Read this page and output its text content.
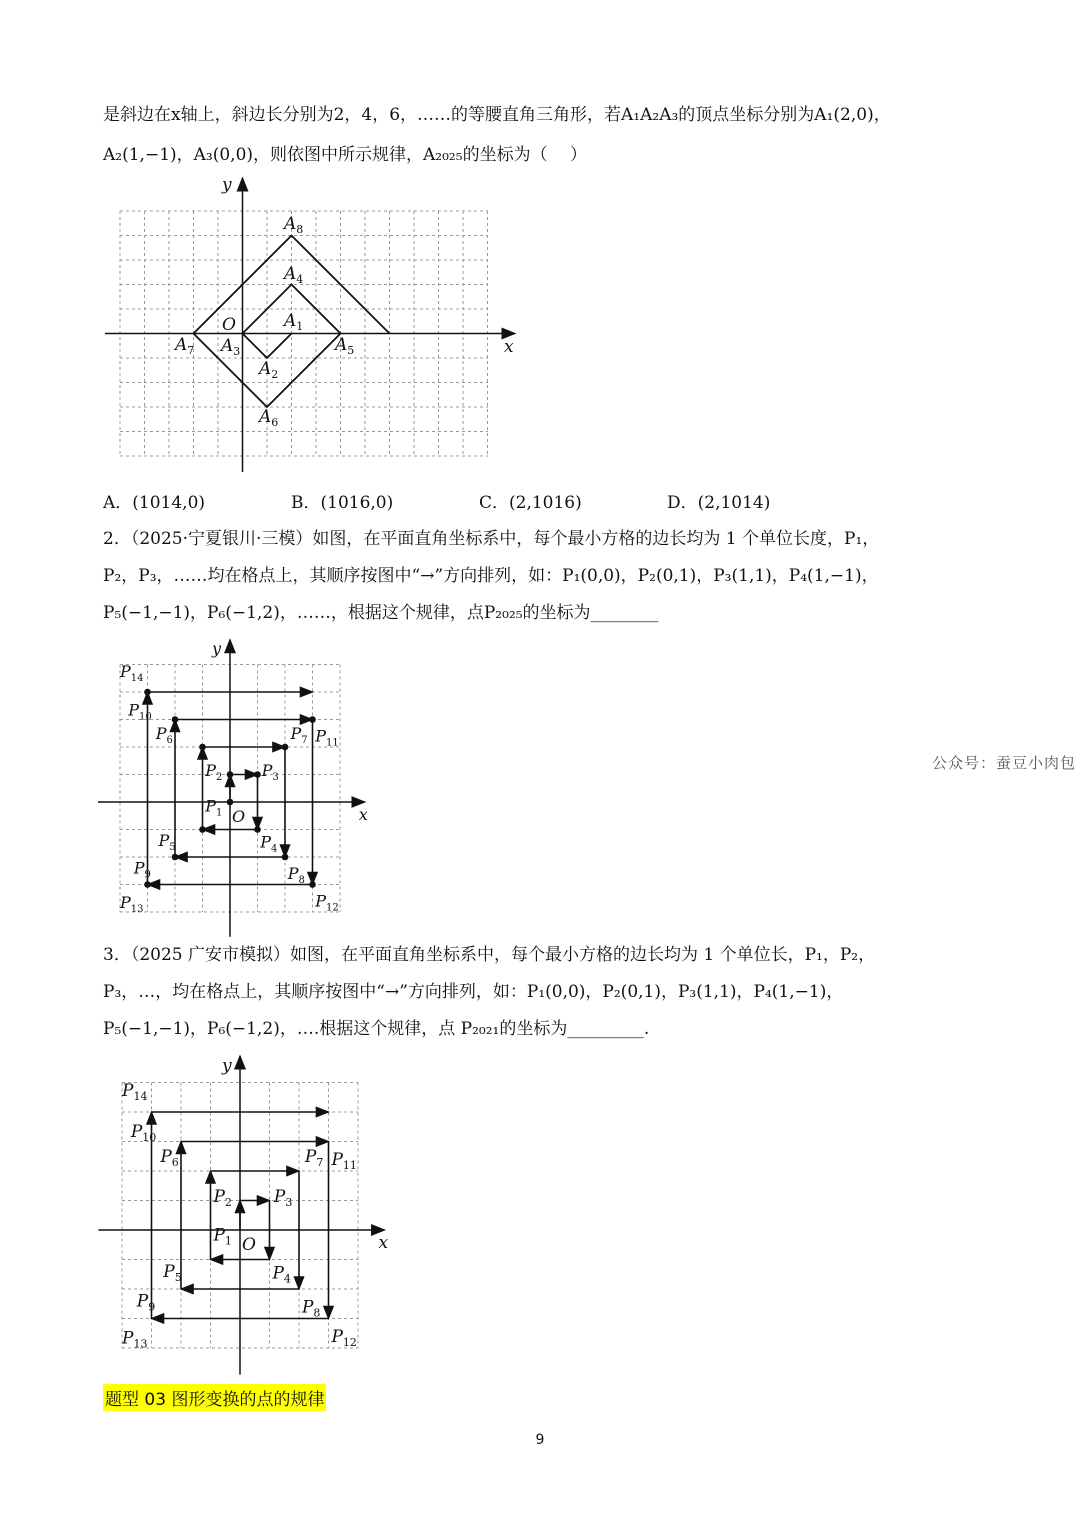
是斜边在x轴上，斜边长分别为2，4，6，……的等腰直角三角形，若A₁A₂A₃的顶点坐标分别为A₁(2,0)，
A₂(1,−1)，A₃(0,0)，则依图中所示规律，A₂₀₂₅的坐标为（　 ）
y
x
O
$A_8$
$A_4$
$A_1$
$A_7$ $A_3$	$A_5$
$A_2$
$A_6$
A．(1014,0)	B．(1016,0)	C．(2,1016)	D．(2,1014)
2．（2025·宁夏银川·三模）如图，在平面直角坐标系中，每个最小方格的边长均为 1 个单位长度，P₁，
P₂，P₃，……均在格点上，其顺序按图中“→”方向排列，如：P₁(0,0)，P₂(0,1)，P₃(1,1)，P₄(1,−1)，
P₅(−1,−1)，P₆(−1,2)，……，根据这个规律，点P₂₀₂₅的坐标为________
y
x
O
$P_1$
$P_2$ $P_3$
$P_4$
$P_5$
$P_6$	$P_7$
$P_8$
$P_9$
$P_{10}$
$P_{11}$
$P_{12}$
$P_{13}$
$P_{14}$
公众号：蚕豆小肉包
3．（2025 广安市模拟）如图，在平面直角坐标系中，每个最小方格的边长均为 1 个单位长，P₁，P₂，
P₃，…，均在格点上，其顺序按图中“→”方向排列，如：P₁(0,0)，P₂(0,1)，P₃(1,1)，P₄(1,−1)，
P₅(−1,−1)，P₆(−1,2)，….根据这个规律，点 P₂₀₂₁的坐标为_________.
y
x
O
$P_1$
$P_2$ $P_3$
$P_4$
$P_5$
$P_6$	$P_7$
$P_8$
$P_9$
$P_{10}$
$P_{11}$
$P_{12}$
$P_{13}$
$P_{14}$
题型 03 图形变换的点的规律
9
